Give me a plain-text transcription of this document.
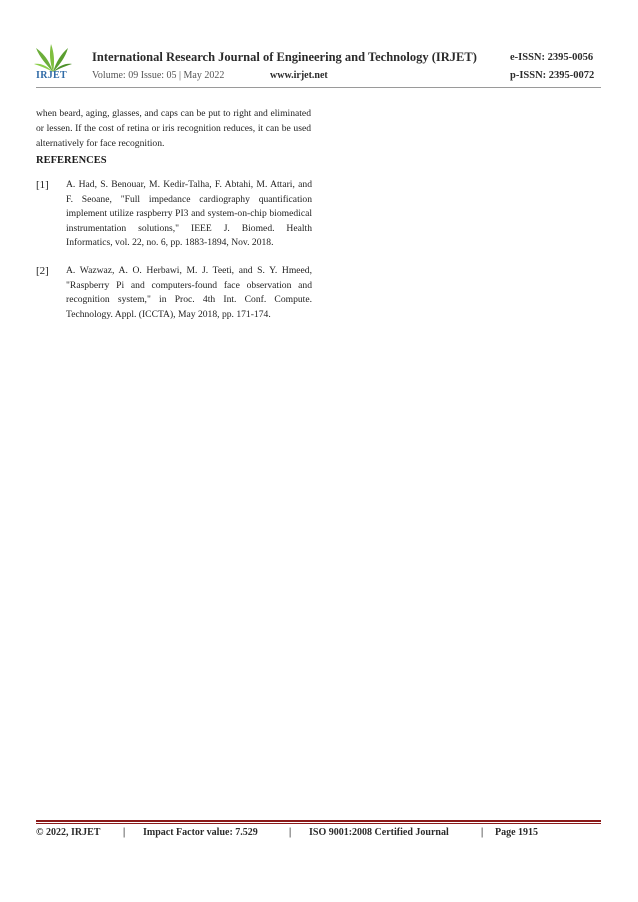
IRJET
International Research Journal of Engineering and Technology (IRJET)	e-ISSN: 2395-0056
Volume: 09 Issue: 05 | May 2022	www.irjet.net	p-ISSN: 2395-0072
when beard, aging, glasses, and caps can be put to right and eliminated or lessen. If the cost of retina or iris recognition reduces, it can be used alternatively for face recognition.
REFERENCES
[1] A. Had, S. Benouar, M. Kedir-Talha, F. Abtahi, M. Attari, and F. Seoane, "Full impedance cardiography quantification implement utilize raspberry PI3 and system-on-chip biomedical instrumentation solutions," IEEE J. Biomed. Health Informatics, vol. 22, no. 6, pp. 1883-1894, Nov. 2018.
[2] A. Wazwaz, A. O. Herbawi, M. J. Teeti, and S. Y. Hmeed, "Raspberry Pi and computers-found face observation and recognition system," in Proc. 4th Int. Conf. Compute. Technology. Appl. (ICCTA), May 2018, pp. 171-174.
© 2022, IRJET | Impact Factor value: 7.529	| ISO 9001:2008 Certified Journal	| Page 1915
